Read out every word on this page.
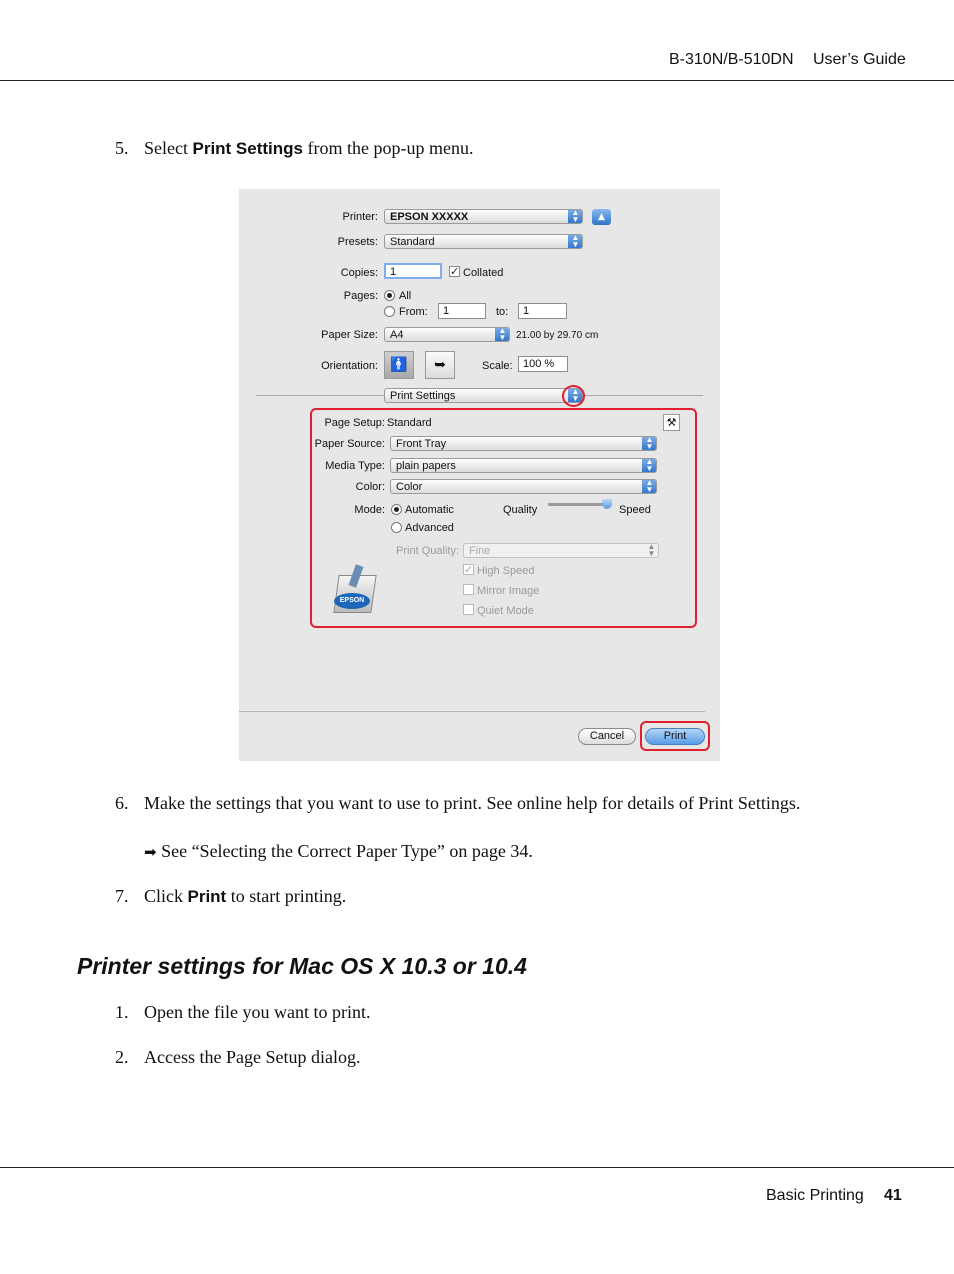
B-310N/B-510DN User’s Guide
5. Select Print Settings from the pop-up menu.
Printer:	EPSON XXXXX	▲
▼	▲
Presets:	Standard	▲
▼
Copies:	1	✓ Collated
Pages: All
From:	1	to:	1
Paper Size:	A4	▲
▼ 21.00 by 29.70 cm
Orientation: 🚹	➥	Scale: 100 %
Print Settings	▲
▼
Page Setup: Standard	⚒
Paper Source:	Front Tray	▲
▼
Media Type:	plain papers	▲
▼
Color:	Color	▲
▼
Mode: Automatic
Advanced
Quality	Speed
Print Quality: Fine	▲
▼
✓ High Speed
Mirror Image
Quiet Mode
EPSON
Cancel	Print
6. Make the settings that you want to use to print. See online help for details of Print Settings.
➡ See “Selecting the Correct Paper Type” on page 34.
7. Click Print to start printing.
Printer settings for Mac OS X 10.3 or 10.4
1. Open the file you want to print.
2. Access the Page Setup dialog.
Basic Printing 41
